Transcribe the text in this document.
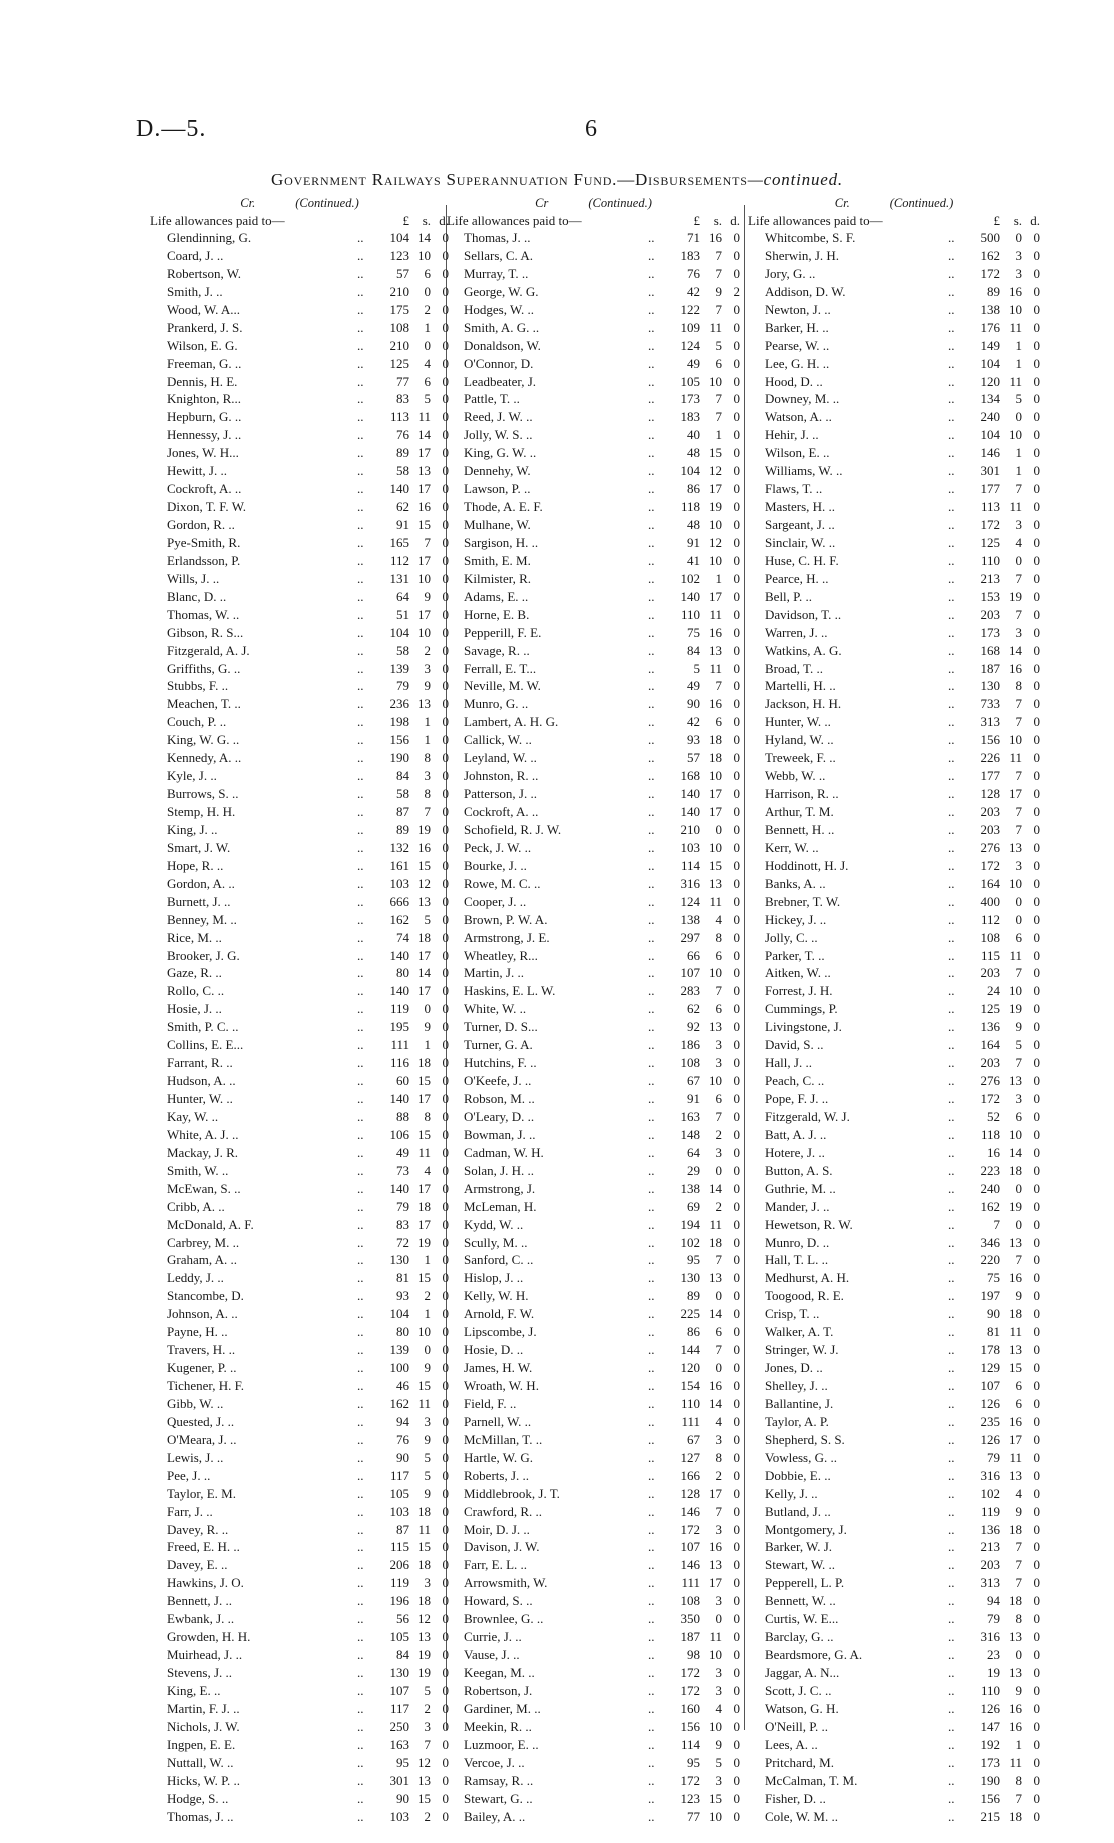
D.—5.	6
Government Railways Superannuation Fund.—Disbursements—continued.
Cr.	(Continued.)
Life allowances paid to—	£	s. d.
Glendinning, G.	..	104 14 0
Coard, J. ..	..	123 10 0
Robertson, W.	..	57	6 0
Smith, J. ..	..	210	0 0
Wood, W. A...	..	175	2 0
Prankerd, J. S.	..	108	1 0
Wilson, E. G.	..	210	0 0
Freeman, G. ..	..	125	4 0
Dennis, H. E.	..	77	6 0
Knighton, R...	..	83	5 0
Hepburn, G. ..	..	113 11 0
Hennessy, J. ..	..	76 14 0
Jones, W. H...	..	89 17 0
Hewitt, J. ..	..	58 13 0
Cockroft, A. ..	..	140 17 0
Dixon, T. F. W.	..	62 16 0
Gordon, R. ..	..	91 15 0
Pye-Smith, R.	..	165	7 0
Erlandsson, P.	..	112 17 0
Wills, J. ..	..	131 10 0
Blanc, D. ..	..	64	9 0
Thomas, W. ..	..	51 17 0
Gibson, R. S...	..	104 10 0
Fitzgerald, A. J.	..	58	2 0
Griffiths, G. ..	..	139	3 0
Stubbs, F. ..	..	79	9 0
Meachen, T. ..	..	236 13 0
Couch, P. ..	..	198	1 0
King, W. G. ..	..	156	1 0
Kennedy, A. ..	..	190	8 0
Kyle, J. ..	..	84	3 0
Burrows, S. ..	..	58	8 0
Stemp, H. H.	..	87	7 0
King, J. ..	..	89 19 0
Smart, J. W.	..	132 16 0
Hope, R. ..	..	161 15 0
Gordon, A. ..	..	103 12 0
Burnett, J. ..	..	666 13 0
Benney, M. ..	..	162	5 0
Rice, M. ..	..	74 18 0
Brooker, J. G.	..	140 17 0
Gaze, R. ..	..	80 14 0
Rollo, C. ..	..	140 17 0
Hosie, J. ..	..	119	0 0
Smith, P. C. ..	..	195	9 0
Collins, E. E...	..	111	1 0
Farrant, R. ..	..	116 18 0
Hudson, A. ..	..	60 15 0
Hunter, W. ..	..	140 17 0
Kay, W. ..	..	88	8 0
White, A. J. ..	..	106 15 0
Mackay, J. R.	..	49 11 0
Smith, W. ..	..	73	4 0
McEwan, S. ..	..	140 17 0
Cribb, A. ..	..	79 18 0
McDonald, A. F.	..	83 17 0
Carbrey, M. ..	..	72 19 0
Graham, A. ..	..	130	1 0
Leddy, J. ..	..	81 15 0
Stancombe, D.	..	93	2 0
Johnson, A. ..	..	104	1 0
Payne, H. ..	..	80 10 0
Travers, H. ..	..	139	0 0
Kugener, P. ..	..	100	9 0
Tichener, H. F.	..	46 15 0
Gibb, W. ..	..	162 11 0
Quested, J. ..	..	94	3 0
O'Meara, J. ..	..	76	9 0
Lewis, J. ..	..	90	5 0
Pee, J. ..	..	117	5 0
Taylor, E. M.	..	105	9 0
Farr, J. ..	..	103 18 0
Davey, R. ..	..	87 11 0
Freed, E. H. ..	..	115 15 0
Davey, E. ..	..	206 18 0
Hawkins, J. O.	..	119	3 0
Bennett, J. ..	..	196 18 0
Ewbank, J. ..	..	56 12 0
Growden, H. H.	..	105 13 0
Muirhead, J. ..	..	84 19 0
Stevens, J. ..	..	130 19 0
King, E. ..	..	107	5 0
Martin, F. J. ..	..	117	2 0
Nichols, J. W.	..	250	3 0
Ingpen, E. E.	..	163	7 0
Nuttall, W. ..	..	95 12 0
Hicks, W. P. ..	..	301 13 0
Hodge, S. ..	..	90 15 0
Thomas, J. ..	..	103	2 0
Cr	(Continued.)
Life allowances paid to—	£	s. d.
Thomas, J. ..	..	71 16 0
Sellars, C. A.	..	183	7 0
Murray, T. ..	..	76	7 0
George, W. G.	..	42	9 2
Hodges, W. ..	..	122	7 0
Smith, A. G. ..	..	109 11 0
Donaldson, W.	..	124	5 0
O'Connor, D.	..	49	6 0
Leadbeater, J.	..	105 10 0
Pattle, T. ..	..	173	7 0
Reed, J. W. ..	..	183	7 0
Jolly, W. S. ..	..	40	1 0
King, G. W. ..	..	48 15 0
Dennehy, W.	..	104 12 0
Lawson, P. ..	..	86 17 0
Thode, A. E. F.	..	118 19 0
Mulhane, W.	..	48 10 0
Sargison, H. ..	..	91 12 0
Smith, E. M.	..	41 10 0
Kilmister, R.	..	102	1 0
Adams, E. ..	..	140 17 0
Horne, E. B.	..	110 11 0
Pepperill, F. E.	..	75 16 0
Savage, R. ..	..	84 13 0
Ferrall, E. T...	..	5 11 0
Neville, M. W.	..	49	7 0
Munro, G. ..	..	90 16 0
Lambert, A. H. G.	..	42	6 0
Callick, W. ..	..	93 18 0
Leyland, W. ..	..	57 18 0
Johnston, R. ..	..	168 10 0
Patterson, J. ..	..	140 17 0
Cockroft, A. ..	..	140 17 0
Schofield, R. J. W.	..	210	0 0
Peck, J. W. ..	..	103 10 0
Bourke, J. ..	..	114 15 0
Rowe, M. C. ..	..	316 13 0
Cooper, J. ..	..	124 11 0
Brown, P. W. A.	..	138	4 0
Armstrong, J. E.	..	297	8 0
Wheatley, R...	..	66	6 0
Martin, J. ..	..	107 10 0
Haskins, E. L. W.	..	283	7 0
White, W. ..	..	62	6 0
Turner, D. S...	..	92 13 0
Turner, G. A.	..	186	3 0
Hutchins, F. ..	..	108	3 0
O'Keefe, J. ..	..	67 10 0
Robson, M. ..	..	91	6 0
O'Leary, D. ..	..	163	7 0
Bowman, J. ..	..	148	2 0
Cadman, W. H.	..	64	3 0
Solan, J. H. ..	..	29	0 0
Armstrong, J.	..	138 14 0
McLeman, H.	..	69	2 0
Kydd, W. ..	..	194 11 0
Scully, M. ..	..	102 18 0
Sanford, C. ..	..	95	7 0
Hislop, J. ..	..	130 13 0
Kelly, W. H.	..	89	0 0
Arnold, F. W.	..	225 14 0
Lipscombe, J.	..	86	6 0
Hosie, D. ..	..	144	7 0
James, H. W.	..	120	0 0
Wroath, W. H.	..	154 16 0
Field, F. ..	..	110 14 0
Parnell, W. ..	..	111	4 0
McMillan, T. ..	..	67	3 0
Hartle, W. G.	..	127	8 0
Roberts, J. ..	..	166	2 0
Middlebrook, J. T.	..	128 17 0
Crawford, R. ..	..	146	7 0
Moir, D. J. ..	..	172	3 0
Davison, J. W.	..	107 16 0
Farr, E. L. ..	..	146 13 0
Arrowsmith, W.	..	111 17 0
Howard, S. ..	..	108	3 0
Brownlee, G. ..	..	350	0 0
Currie, J. ..	..	187 11 0
Vause, J. ..	..	98 10 0
Keegan, M. ..	..	172	3 0
Robertson, J.	..	172	3 0
Gardiner, M. ..	..	160	4 0
Meekin, R. ..	..	156 10 0
Luzmoor, E. ..	..	114	9 0
Vercoe, J. ..	..	95	5 0
Ramsay, R. ..	..	172	3 0
Stewart, G. ..	..	123 15 0
Bailey, A. ..	..	77 10 0
Cr.	(Continued.)
Life allowances paid to—	£	s. d.
Whitcombe, S. F.	..	500	0 0
Sherwin, J. H.	..	162	3 0
Jory, G. ..	..	172	3 0
Addison, D. W.	..	89 16 0
Newton, J. ..	..	138 10 0
Barker, H. ..	..	176 11 0
Pearse, W. ..	..	149	1 0
Lee, G. H. ..	..	104	1 0
Hood, D. ..	..	120 11 0
Downey, M. ..	..	134	5 0
Watson, A. ..	..	240	0 0
Hehir, J. ..	..	104 10 0
Wilson, E. ..	..	146	1 0
Williams, W. ..	..	301	1 0
Flaws, T. ..	..	177	7 0
Masters, H. ..	..	113 11 0
Sargeant, J. ..	..	172	3 0
Sinclair, W. ..	..	125	4 0
Huse, C. H. F.	..	110	0 0
Pearce, H. ..	..	213	7 0
Bell, P. ..	..	153 19 0
Davidson, T. ..	..	203	7 0
Warren, J. ..	..	173	3 0
Watkins, A. G.	..	168 14 0
Broad, T. ..	..	187 16 0
Martelli, H. ..	..	130	8 0
Jackson, H. H.	..	733	7 0
Hunter, W. ..	..	313	7 0
Hyland, W. ..	..	156 10 0
Treweek, F. ..	..	226 11 0
Webb, W. ..	..	177	7 0
Harrison, R. ..	..	128 17 0
Arthur, T. M.	..	203	7 0
Bennett, H. ..	..	203	7 0
Kerr, W. ..	..	276 13 0
Hoddinott, H. J.	..	172	3 0
Banks, A. ..	..	164 10 0
Brebner, T. W.	..	400	0 0
Hickey, J. ..	..	112	0 0
Jolly, C. ..	..	108	6 0
Parker, T. ..	..	115 11 0
Aitken, W. ..	..	203	7 0
Forrest, J. H.	..	24 10 0
Cummings, P.	..	125 19 0
Livingstone, J.	..	136	9 0
David, S. ..	..	164	5 0
Hall, J. ..	..	203	7 0
Peach, C. ..	..	276 13 0
Pope, F. J. ..	..	172	3 0
Fitzgerald, W. J.	..	52	6 0
Batt, A. J. ..	..	118 10 0
Hotere, J. ..	..	16 14 0
Button, A. S.	..	223 18 0
Guthrie, M. ..	..	240	0 0
Mander, J. ..	..	162 19 0
Hewetson, R. W.	..	7	0 0
Munro, D. ..	..	346 13 0
Hall, T. L. ..	..	220	7 0
Medhurst, A. H.	..	75 16 0
Toogood, R. E.	..	197	9 0
Crisp, T. ..	..	90 18 0
Walker, A. T.	..	81 11 0
Stringer, W. J.	..	178 13 0
Jones, D. ..	..	129 15 0
Shelley, J. ..	..	107	6 0
Ballantine, J.	..	126	6 0
Taylor, A. P.	..	235 16 0
Shepherd, S. S.	..	126 17 0
Vowless, G. ..	..	79 11 0
Dobbie, E. ..	..	316 13 0
Kelly, J. ..	..	102	4 0
Butland, J. ..	..	119	9 0
Montgomery, J.	..	136 18 0
Barker, W. J.	..	213	7 0
Stewart, W. ..	..	203	7 0
Pepperell, L. P.	..	313	7 0
Bennett, W. ..	..	94 18 0
Curtis, W. E...	..	79	8 0
Barclay, G. ..	..	316 13 0
Beardsmore, G. A.	..	23	0 0
Jaggar, A. N...	..	19 13 0
Scott, J. C. ..	..	110	9 0
Watson, G. H.	..	126 16 0
O'Neill, P. ..	..	147 16 0
Lees, A. ..	..	192	1 0
Pritchard, M.	..	173 11 0
McCalman, T. M.	..	190	8 0
Fisher, D. ..	..	156	7 0
Cole, W. M. ..	..	215 18 0
